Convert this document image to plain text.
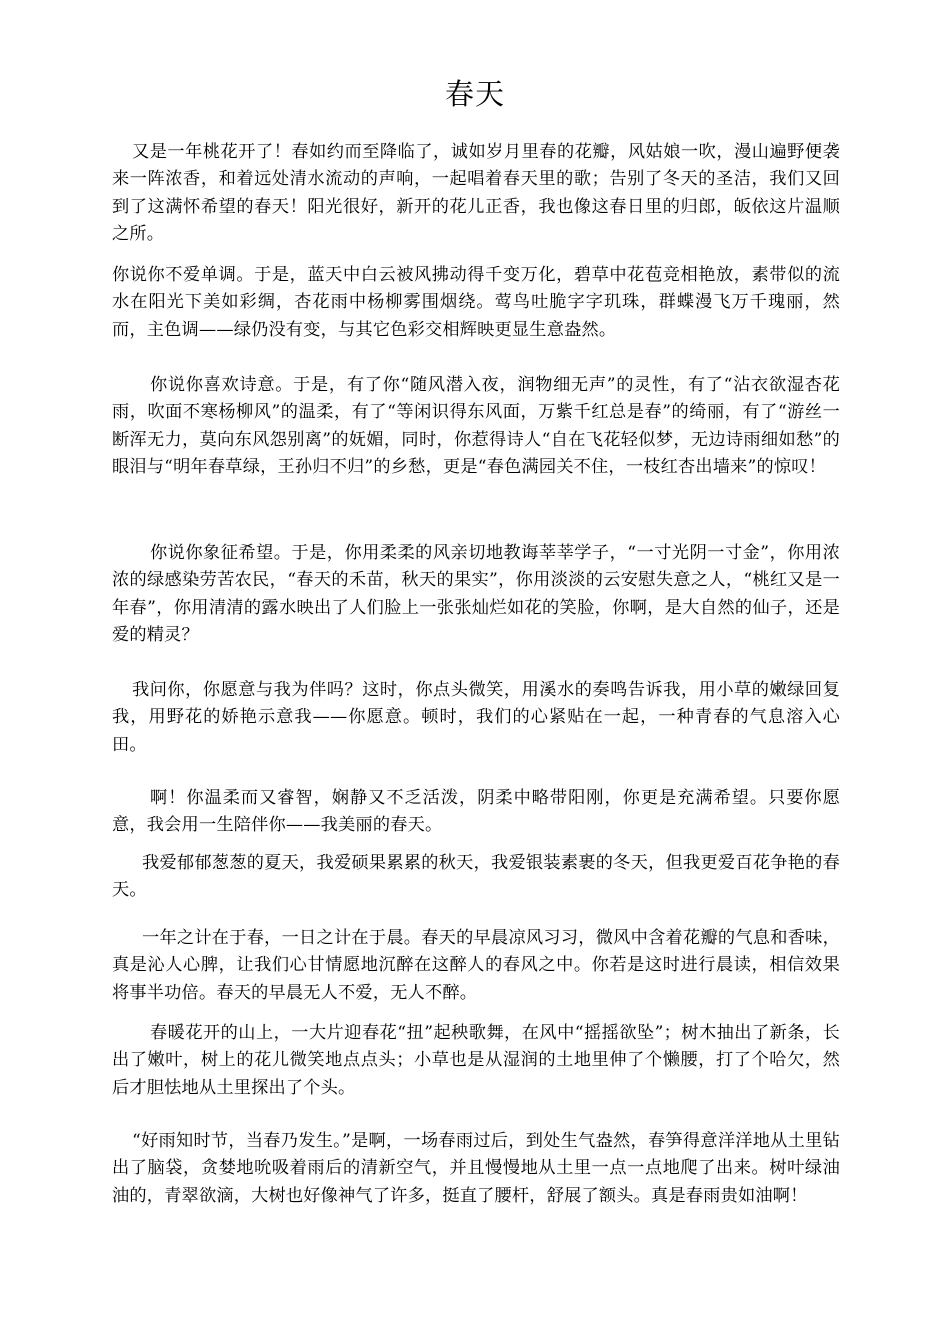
春天

又是一年桃花开了！春如约而至降临了，诚如岁月里春的花瓣，风姑娘一吹，漫山遍野便袭来一阵浓香，和着远处清水流动的声响，一起唱着春天里的歌；告别了冬天的圣洁，我们又回到了这满怀希望的春天！阳光很好，新开的花儿正香，我也像这春日里的归郎，皈依这片温顺之所。

你说你不爱单调。于是，蓝天中白云被风拂动得千变万化，碧草中花苞竞相艳放，素带似的流水在阳光下美如彩绸，杏花雨中杨柳雾围烟绕。莺鸟吐脆字字玑珠，群蝶漫飞万千瑰丽，然而，主色调——绿仍没有变，与其它色彩交相辉映更显生意盎然。

你说你喜欢诗意。于是，有了你“随风潜入夜，润物细无声”的灵性，有了“沾衣欲湿杏花雨，吹面不寒杨柳风”的温柔，有了“等闲识得东风面，万紫千红总是春”的绮丽，有了“游丝一断浑无力，莫向东风怨别离”的妩媚，同时，你惹得诗人“自在飞花轻似梦，无边诗雨细如愁”的眼泪与“明年春草绿，王孙归不归”的乡愁，更是“春色满园关不住，一枝红杏出墙来”的惊叹！

你说你象征希望。于是，你用柔柔的风亲切地教诲莘莘学子，“一寸光阴一寸金”，你用浓浓的绿感染劳苦农民，“春天的禾苗，秋天的果实”，你用淡淡的云安慰失意之人，“桃红又是一年春”，你用清清的露水映出了人们脸上一张张灿烂如花的笑脸，你啊，是大自然的仙子，还是爱的精灵？

我问你，你愿意与我为伴吗？这时，你点头微笑，用溪水的奏鸣告诉我，用小草的嫩绿回复我，用野花的娇艳示意我——你愿意。顿时，我们的心紧贴在一起，一种青春的气息溶入心田。

啊！你温柔而又睿智，娴静又不乏活泼，阴柔中略带阳刚，你更是充满希望。只要你愿意，我会用一生陪伴你——我美丽的春天。

我爱郁郁葱葱的夏天，我爱硕果累累的秋天，我爱银装素裹的冬天，但我更爱百花争艳的春天。

一年之计在于春，一日之计在于晨。春天的早晨凉风习习，微风中含着花瓣的气息和香味，真是沁人心脾，让我们心甘情愿地沉醉在这醉人的春风之中。你若是这时进行晨读，相信效果将事半功倍。春天的早晨无人不爱，无人不醉。

春暖花开的山上，一大片迎春花“扭”起秧歌舞，在风中“摇摇欲坠”；树木抽出了新条，长出了嫩叶，树上的花儿微笑地点点头；小草也是从湿润的土地里伸了个懒腰，打了个哈欠，然后才胆怯地从土里探出了个头。

“好雨知时节，当春乃发生。”是啊，一场春雨过后，到处生气盎然，春笋得意洋洋地从土里钻出了脑袋，贪婪地吮吸着雨后的清新空气，并且慢慢地从土里一点一点地爬了出来。树叶绿油油的，青翠欲滴，大树也好像神气了许多，挺直了腰杆，舒展了额头。真是春雨贵如油啊！
